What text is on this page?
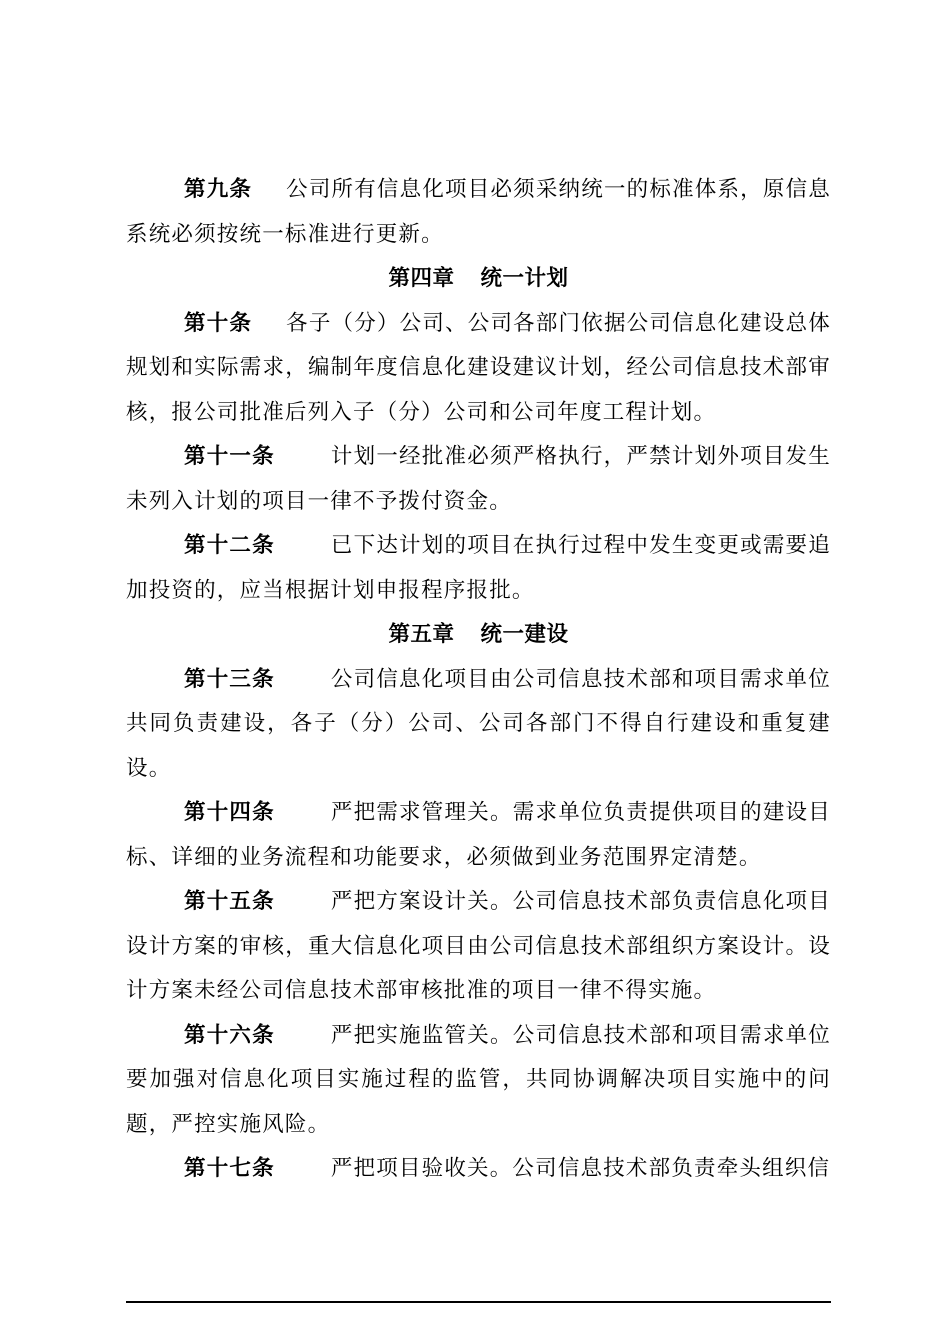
第九条 公司所有信息化项目必须采纳统一的标准体系，原信息系统必须按统一标准进行更新。

第四章 统一计划

第十条 各子（分）公司、公司各部门依据公司信息化建设总体规划和实际需求，编制年度信息化建设建议计划，经公司信息技术部审核，报公司批准后列入子（分）公司和公司年度工程计划。

第十一条	计划一经批准必须严格执行，严禁计划外项目发生未列入计划的项目一律不予拨付资金。

第十二条	已下达计划的项目在执行过程中发生变更或需要追加投资的，应当根据计划申报程序报批。

第五章 统一建设

第十三条	公司信息化项目由公司信息技术部和项目需求单位共同负责建设，各子（分）公司、公司各部门不得自行建设和重复建设。

第十四条	严把需求管理关。需求单位负责提供项目的建设目标、详细的业务流程和功能要求，必须做到业务范围界定清楚。

第十五条	严把方案设计关。公司信息技术部负责信息化项目设计方案的审核，重大信息化项目由公司信息技术部组织方案设计。设计方案未经公司信息技术部审核批准的项目一律不得实施。

第十六条	严把实施监管关。公司信息技术部和项目需求单位要加强对信息化项目实施过程的监管，共同协调解决项目实施中的问题，严控实施风险。

第十七条	严把项目验收关。公司信息技术部负责牵头组织信
